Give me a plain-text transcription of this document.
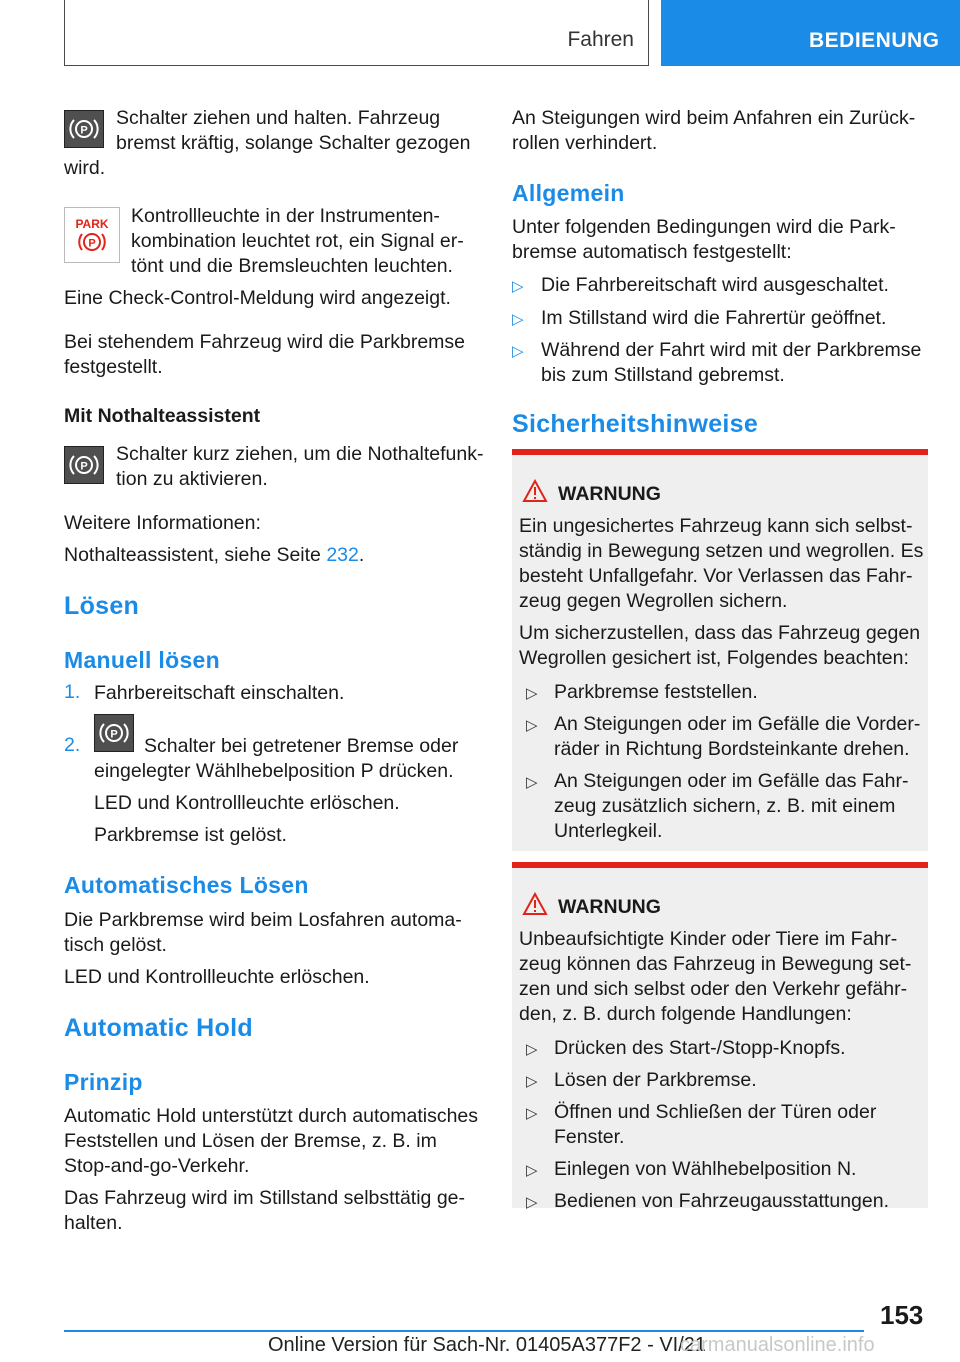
Fahren	BEDIENUNG
P

Schalter ziehen und halten. Fahrzeug

bremst kräftig, solange Schalter gezogen

wird.

PARK
P

Kontrollleuchte in der Instrumenten-

kombination leuchtet rot, ein Signal er-

tönt und die Bremsleuchten leuchten.

Eine Check-Control-Meldung wird angezeigt.

Bei stehendem Fahrzeug wird die Parkbremse

festgestellt.

Mit Nothalteassistent
P

Schalter kurz ziehen, um die Nothaltefunk-

tion zu aktivieren.

Weitere Informationen:

Nothalteassistent, siehe Seite 232.

Lösen
Manuell lösen
1. Fahrbereitschaft einschalten.

2.	P

Schalter bei getretener Bremse oder

eingelegter Wählhebelposition P drücken.

LED und Kontrollleuchte erlöschen.

Parkbremse ist gelöst.

Automatisches Lösen

Die Parkbremse wird beim Losfahren automa-

tisch gelöst.

LED und Kontrollleuchte erlöschen.

Automatic Hold
Prinzip

Automatic Hold unterstützt durch automatisches

Feststellen und Lösen der Bremse, z. B. im

Stop-and-go-Verkehr.

Das Fahrzeug wird im Stillstand selbsttätig ge-

halten.

An Steigungen wird beim Anfahren ein Zurück-

rollen verhindert.

Allgemein

Unter folgenden Bedingungen wird die Park-

bremse automatisch festgestellt:

▷ Die Fahrbereitschaft wird ausgeschaltet.

▷ Im Stillstand wird die Fahrertür geöffnet.

▷ Während der Fahrt wird mit der Parkbremse

bis zum Stillstand gebremst.

Sicherheitshinweise
WARNUNG

Ein ungesichertes Fahrzeug kann sich selbst-

ständig in Bewegung setzen und wegrollen. Es

besteht Unfallgefahr. Vor Verlassen das Fahr-

zeug gegen Wegrollen sichern.

Um sicherzustellen, dass das Fahrzeug gegen

Wegrollen gesichert ist, Folgendes beachten:

▷ Parkbremse feststellen.

▷ An Steigungen oder im Gefälle die Vorder-

räder in Richtung Bordsteinkante drehen.

▷ An Steigungen oder im Gefälle das Fahr-

zeug zusätzlich sichern, z. B. mit einem

Unterlegkeil.

WARNUNG

Unbeaufsichtigte Kinder oder Tiere im Fahr-

zeug können das Fahrzeug in Bewegung set-

zen und sich selbst oder den Verkehr gefähr-

den, z. B. durch folgende Handlungen:

▷ Drücken des Start-/Stopp-Knopfs.

▷ Lösen der Parkbremse.

▷ Öffnen und Schließen der Türen oder

Fenster.

▷ Einlegen von Wählhebelposition N.

▷ Bedienen von Fahrzeugausstattungen.

153
Online Version für Sach-Nr. 01405A377F2 - VI/21
carmanualsonline.info
